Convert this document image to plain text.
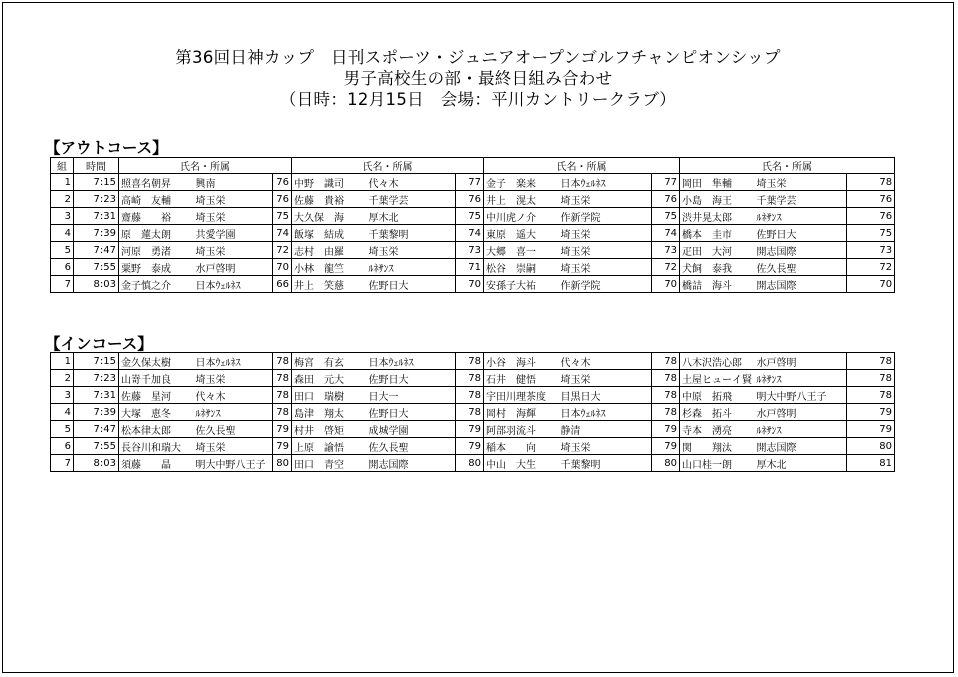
第36回日神カップ　日刊スポーツ・ジュニアオープンゴルフチャンピオンシップ
男子高校生の部・最終日組み合わせ
（日時：12月15日　会場：平川カントリークラブ）
【アウトコース】
組	時間	氏名・所属			氏名・所属			氏名・所属			氏名・所属		
1	7:15	照喜名朝昇	興南	76	中野　識司	代々木	77	金子　楽来	日本ｳｪﾙﾈｽ	77	岡田　隼輔	埼玉栄	78
2	7:23	高崎　友輔	埼玉栄	76	佐藤　貴裕	千葉学芸	76	井上　滉太	埼玉栄	76	小島　海王	千葉学芸	76
3	7:31	齋藤　　裕	埼玉栄	75	大久保　海	厚木北	75	中川虎ノ介	作新学院	75	渋井晃太郎	ﾙﾈｻﾝｽ	76
4	7:39	原　蓮太朗	共愛学園	74	飯塚　結成	千葉黎明	74	東原　遥大	埼玉栄	74	橋本　圭市	佐野日大	75
5	7:47	河原　勇渚	埼玉栄	72	志村　由羅	埼玉栄	73	大郷　喜一	埼玉栄	73	疋田　大河	開志国際	73
6	7:55	粟野　泰成	水戸啓明	70	小林　龍竺	ﾙﾈｻﾝｽ	71	松谷　崇嗣	埼玉栄	72	犬飼　泰我	佐久長聖	72
7	8:03	金子慎之介	日本ｳｪﾙﾈｽ	66	井上　笑慈	佐野日大	70	安孫子大祐	作新学院	70	橋詰　海斗	開志国際	70
【インコース】
1	7:15	金久保太樹	日本ｳｪﾙﾈｽ	78	梅宮　有玄	日本ｳｪﾙﾈｽ	78	小谷　海斗	代々木	78	八木沢浩心郎	水戸啓明	78
2	7:23	山嵜千加良	埼玉栄	78	森田　元大	佐野日大	78	石井　健悟	埼玉栄	78	土屋ヒューイ賢	ﾙﾈｻﾝｽ	78
3	7:31	佐藤　星河	代々木	78	田口　瑞樹	日大一	78	宇田川理茶度	目黒日大	78	中原　拓飛	明大中野八王子	78
4	7:39	大塚　恵冬	ﾙﾈｻﾝｽ	78	島津　翔太	佐野日大	78	岡村　海輝	日本ｳｪﾙﾈｽ	78	杉森　拓斗	水戸啓明	79
5	7:47	松本律太郎	佐久長聖	79	村井　啓矩	成城学園	79	阿部羽流斗	静清	79	寺本　湧亮	ﾙﾈｻﾝｽ	79
6	7:55	長谷川和瑞大	埼玉栄	79	上原　諭悟	佐久長聖	79	稲本　　向	埼玉栄	79	関　　翔汰	開志国際	80
7	8:03	須藤　　晶	明大中野八王子	80	田口　青空	開志国際	80	中山　大生	千葉黎明	80	山口桂一朗	厚木北	81
